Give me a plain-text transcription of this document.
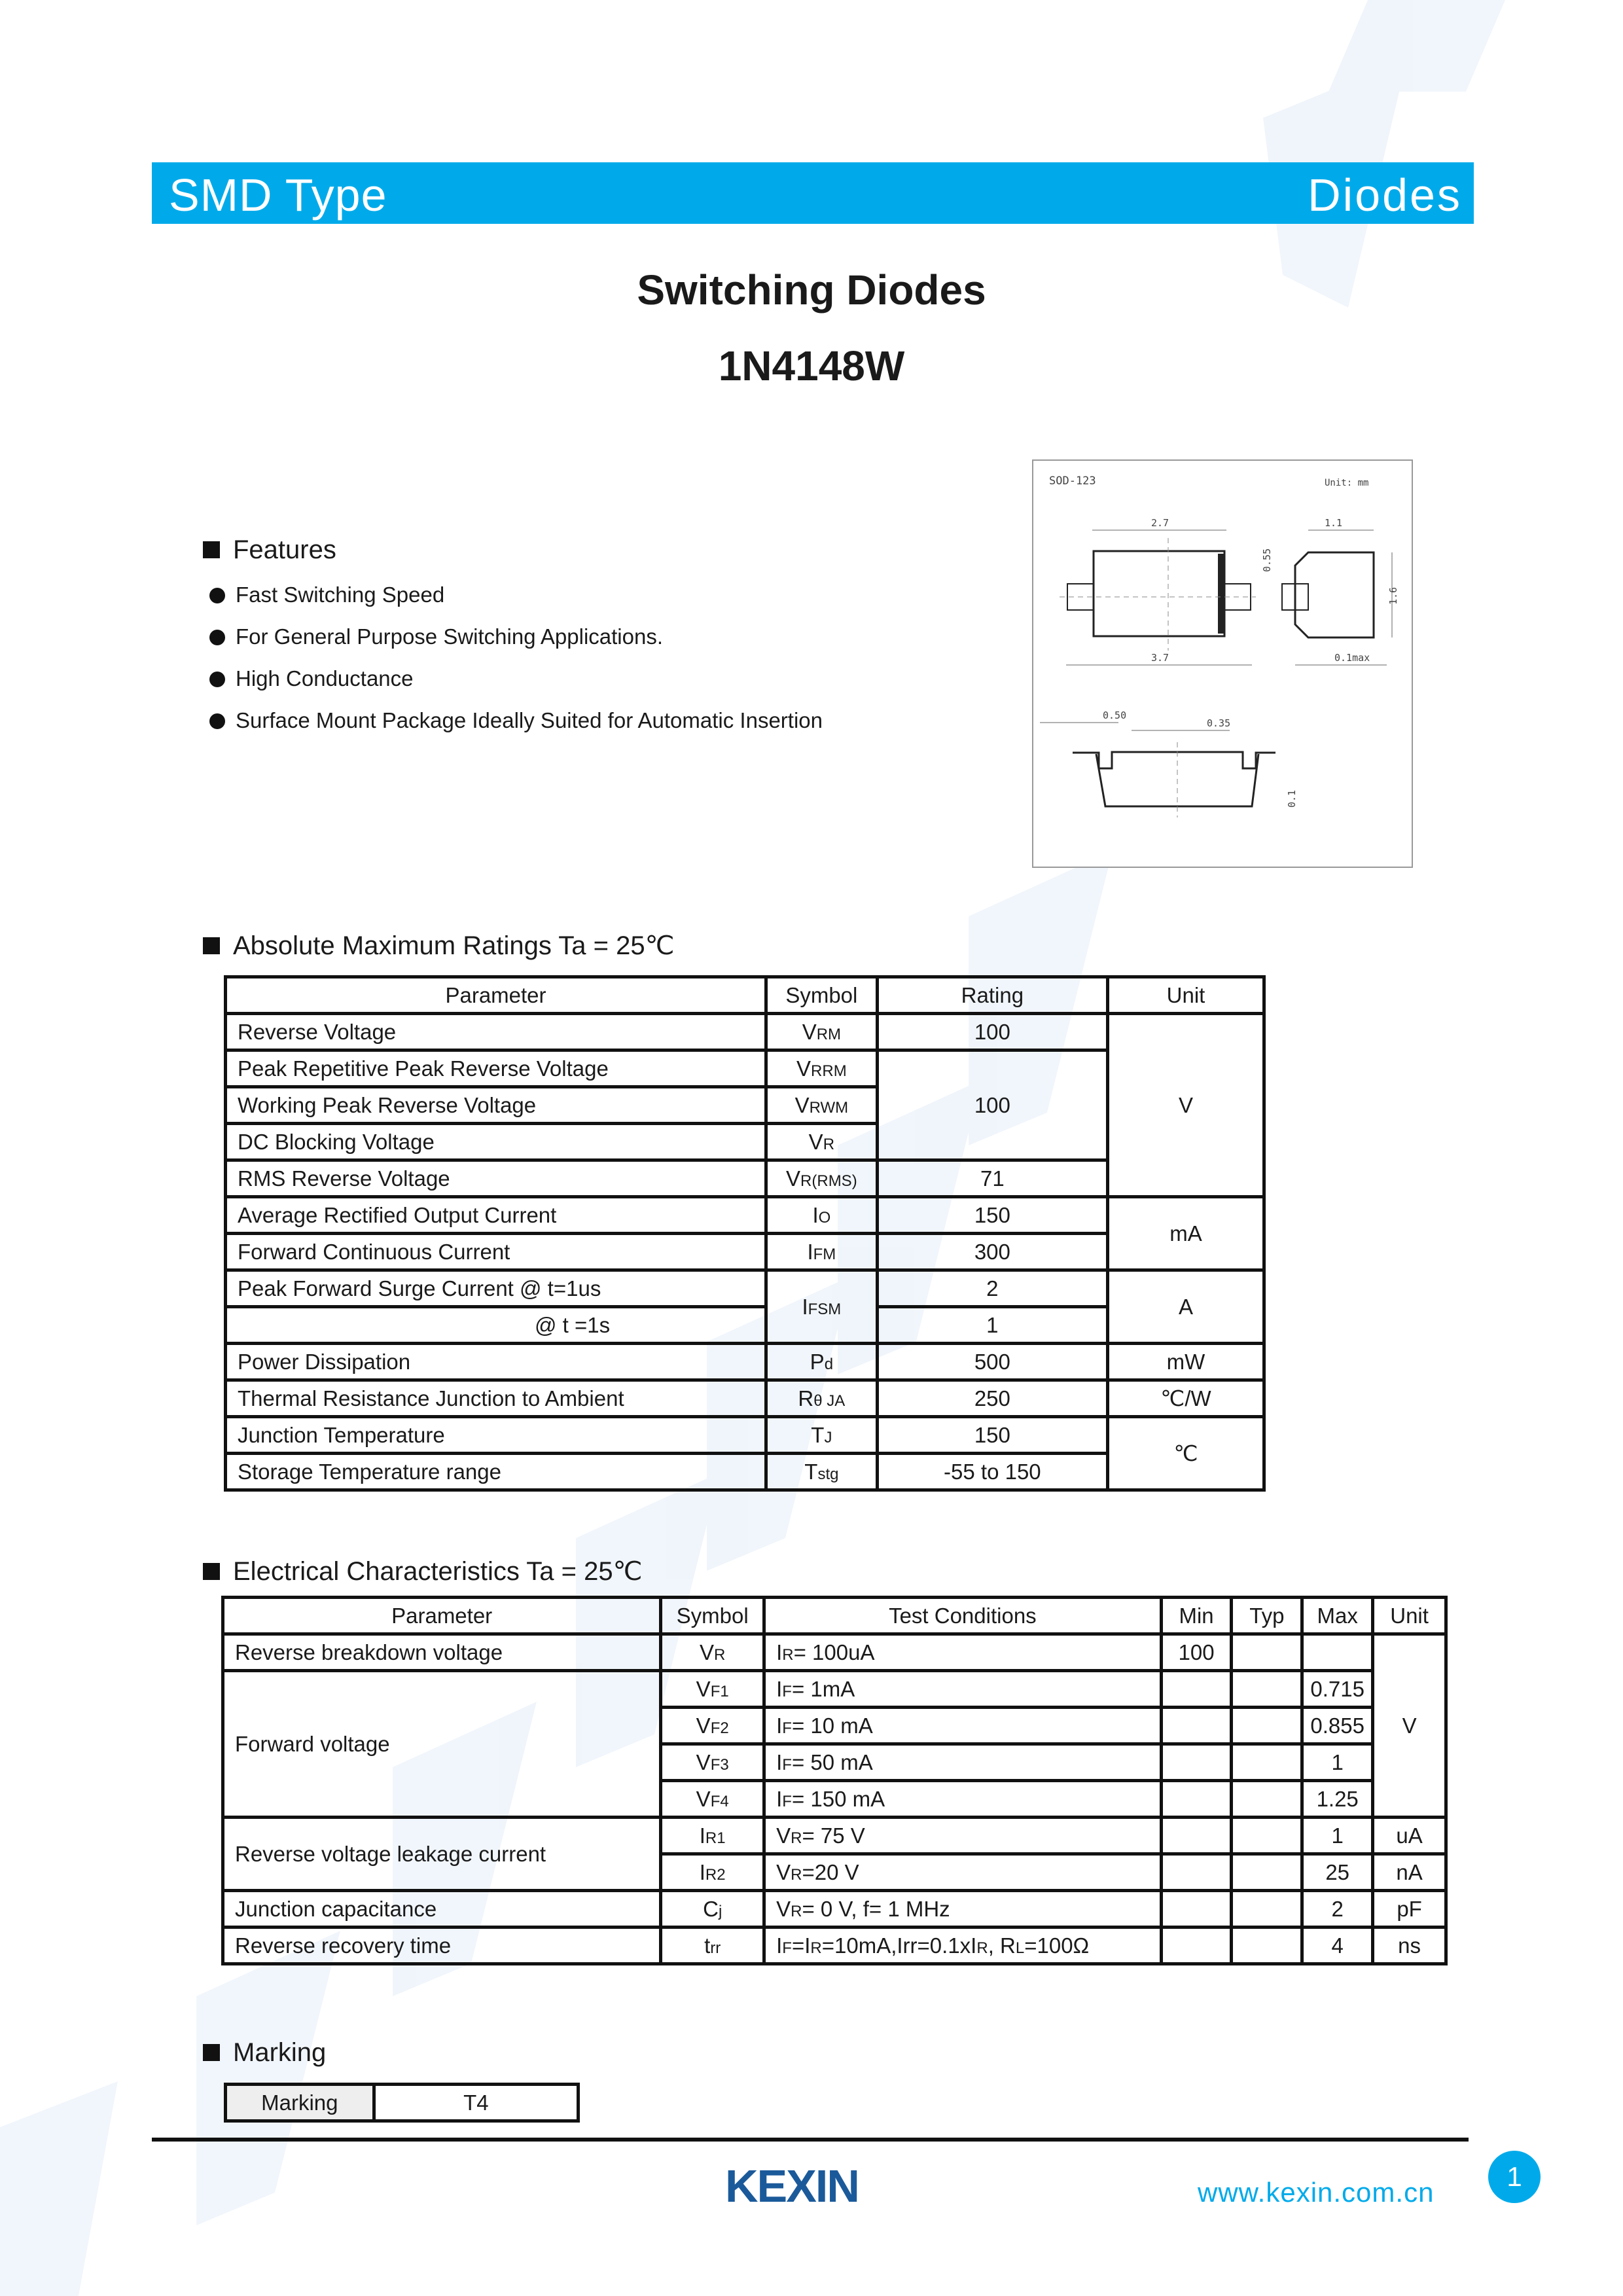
SMD Type	Diodes
Switching Diodes
1N4148W
Features
Fast Switching Speed
For General Purpose Switching Applications.
High Conductance
Surface Mount Package Ideally Suited for Automatic Insertion
SOD-123	Unit: mm
2.7
3.7
0.55
1.1
1.6
0.1max
0.50
0.35
0.1
Absolute Maximum Ratings Ta = 25℃
Parameter	Symbol	Rating	Unit
Reverse Voltage	VRM	100	V
Peak Repetitive Peak Reverse Voltage	VRRM	100	
Working Peak Reverse Voltage	VRWM		
DC Blocking Voltage	VR		
RMS Reverse Voltage	VR(RMS)	71	
Average Rectified Output Current	IO	150	mA
Forward Continuous Current	IFM	300	
Peak Forward Surge Current @ t=1us	IFSM	2	A
@ t =1s		1	
Power Dissipation	Pd	500	mW
Thermal Resistance Junction to Ambient	Rθ JA	250	℃/W
Junction Temperature	TJ	150	℃
Storage Temperature range	Tstg	-55 to 150	
Electrical Characteristics Ta = 25℃
Parameter	Symbol	Test Conditions	Min	Typ	Max	Unit
Reverse breakdown voltage	VR	IR= 100uA	100			V
Forward voltage	VF1	IF= 1mA			0.715	
	VF2	IF= 10 mA			0.855	
	VF3	IF= 50 mA			1	
	VF4	IF= 150 mA			1.25	
Reverse voltage leakage current	IR1	VR= 75 V			1	uA
	IR2	VR=20 V			25	nA
Junction capacitance	Cj	VR= 0 V, f= 1 MHz			2	pF
Reverse recovery time	trr	IF=IR=10mA,Irr=0.1xIR, RL=100Ω			4	ns
Marking
Marking	T4
KEXIN	www.kexin.com.cn
1
